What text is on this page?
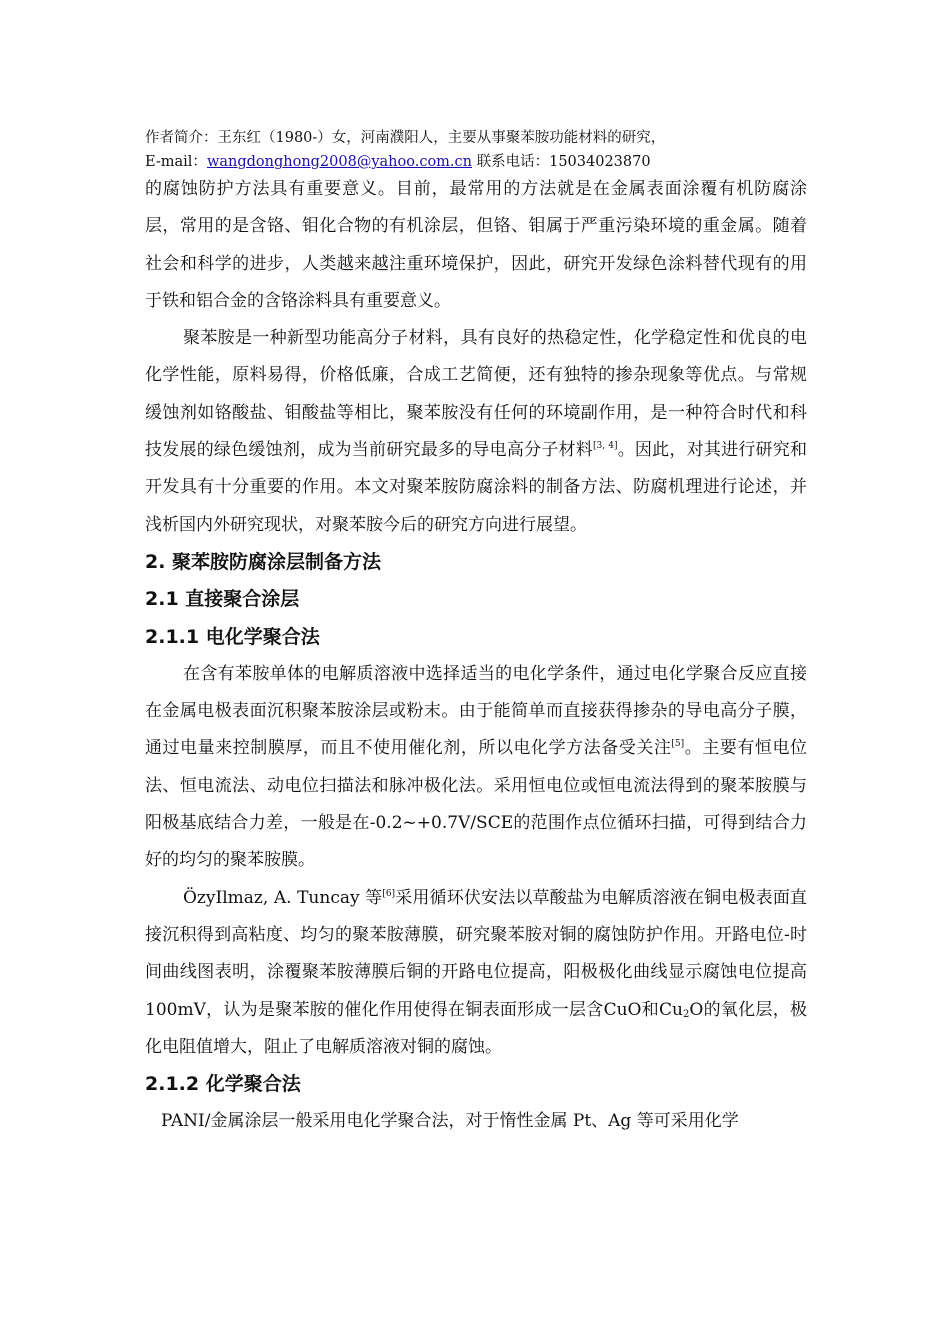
作者简介：王东红（1980-）女，河南濮阳人，主要从事聚苯胺功能材料的研究，
E-mail：wangdonghong2008@yahoo.com.cn 联系电话：15034023870

的腐蚀防护方法具有重要意义。目前，最常用的方法就是在金属表面涂覆有机防腐涂层，常用的是含铬、钼化合物的有机涂层，但铬、钼属于严重污染环境的重金属。随着社会和科学的进步，人类越来越注重环境保护，因此，研究开发绿色涂料替代现有的用于铁和铝合金的含铬涂料具有重要意义。

聚苯胺是一种新型功能高分子材料，具有良好的热稳定性，化学稳定性和优良的电化学性能，原料易得，价格低廉，合成工艺简便，还有独特的掺杂现象等优点。与常规缓蚀剂如铬酸盐、钼酸盐等相比，聚苯胺没有任何的环境副作用，是一种符合时代和科技发展的绿色缓蚀剂，成为当前研究最多的导电高分子材料[3, 4]。因此，对其进行研究和开发具有十分重要的作用。本文对聚苯胺防腐涂料的制备方法、防腐机理进行论述，并浅析国内外研究现状，对聚苯胺今后的研究方向进行展望。

2. 聚苯胺防腐涂层制备方法

2.1 直接聚合涂层

2.1.1 电化学聚合法

在含有苯胺单体的电解质溶液中选择适当的电化学条件，通过电化学聚合反应直接在金属电极表面沉积聚苯胺涂层或粉末。由于能简单而直接获得掺杂的导电高分子膜，通过电量来控制膜厚，而且不使用催化剂，所以电化学方法备受关注[5]。主要有恒电位法、恒电流法、动电位扫描法和脉冲极化法。采用恒电位或恒电流法得到的聚苯胺膜与阳极基底结合力差，一般是在-0.2~+0.7V/SCE的范围作点位循环扫描，可得到结合力好的均匀的聚苯胺膜。

ÖzyIlmaz, A. Tuncay 等[6]采用循环伏安法以草酸盐为电解质溶液在铜电极表面直接沉积得到高粘度、均匀的聚苯胺薄膜，研究聚苯胺对铜的腐蚀防护作用。开路电位-时间曲线图表明，涂覆聚苯胺薄膜后铜的开路电位提高，阳极极化曲线显示腐蚀电位提高100mV，认为是聚苯胺的催化作用使得在铜表面形成一层含CuO和$Cu_2O$的氧化层，极化电阻值增大，阻止了电解质溶液对铜的腐蚀。

2.1.2 化学聚合法

PANI/金属涂层一般采用电化学聚合法，对于惰性金属 Pt、Ag 等可采用化学
